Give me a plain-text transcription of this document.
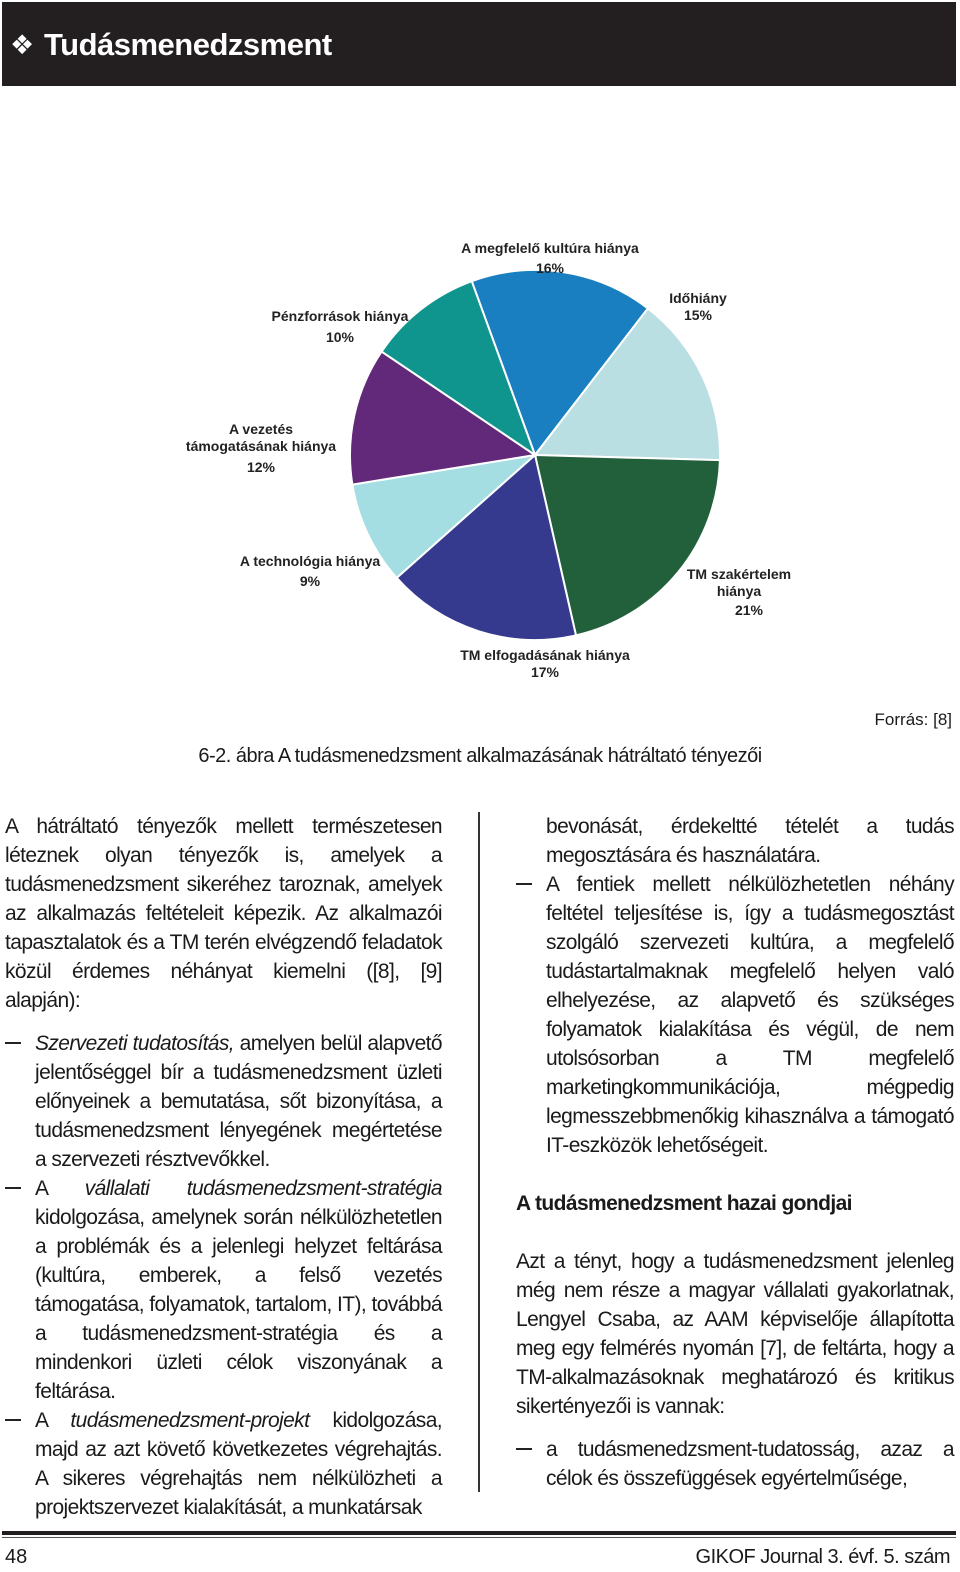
❖ Tudásmenedzsment
A megfelelő kultúra hiánya
16%
Időhiány
15%
TM szakértelem
hiánya
21%
TM elfogadásának hiánya
17%
A technológia hiánya
9%
A vezetés
támogatásának hiánya
12%
Pénzforrások hiánya
10%
Forrás: [8]
6-2. ábra A tudásmenedzsment alkalmazásának hátráltató tényezői

A hátráltató tényezők mellett természetesen léteznek olyan tényezők is, amelyek a tudásmenedzsment sikeréhez taroznak, amelyek az alkalmazás feltételeit képezik. Az alkalmazói tapasztalatok és a TM terén elvégzendő feladatok közül érdemes néhányat kiemelni ([8], [9] alapján):

Szervezeti tudatosítás, amelyen belül alapvető jelentőséggel bír a tudásmenedzsment üzleti előnyeinek a bemutatása, sőt bizonyítása, a tudásmenedzsment lényegének megértetése a szervezeti résztvevőkkel.
A vállalati tudásmenedzsment-stratégia kidolgozása, amelynek során nélkülözhetetlen a problémák és a jelenlegi helyzet feltárása (kultúra, emberek, a felső vezetés támogatása, folyamatok, tartalom, IT), továbbá a tudásmenedzsment-stratégia és a mindenkori üzleti célok viszonyának a feltárása.
A tudásmenedzsment-projekt kidolgozása, majd az azt követő következetes végrehajtás. A sikeres végrehajtás nem nélkülözheti a projektszervezet kialakítását, a munkatársak
bevonását, érdekeltté tételét a tudás megosztására és használatára.
A fentiek mellett nélkülözhetetlen néhány feltétel teljesítése is, így a tudásmegosztást szolgáló szervezeti kultúra, a megfelelő tudástartalmaknak megfelelő helyen való elhelyezése, az alapvető és szükséges folyamatok kialakítása és végül, de nem utolsósorban a TM megfelelő marketingkommunikációja, mégpedig legmesszebbmenőkig kihasználva a támogató IT-eszközök lehetőségeit.

A tudásmenedzsment hazai gondjai

Azt a tényt, hogy a tudásmenedzsment jelenleg még nem része a magyar vállalati gyakorlatnak, Lengyel Csaba, az AAM képviselője állapította meg egy felmérés nyomán [7], de feltárta, hogy a TM-alkalmazásoknak meghatározó és kritikus sikertényezői is vannak:

a tudásmenedzsment-tudatosság, azaz a célok és összefüggések egyértelműsége,
48	GIKOF Journal 3. évf. 5. szám
